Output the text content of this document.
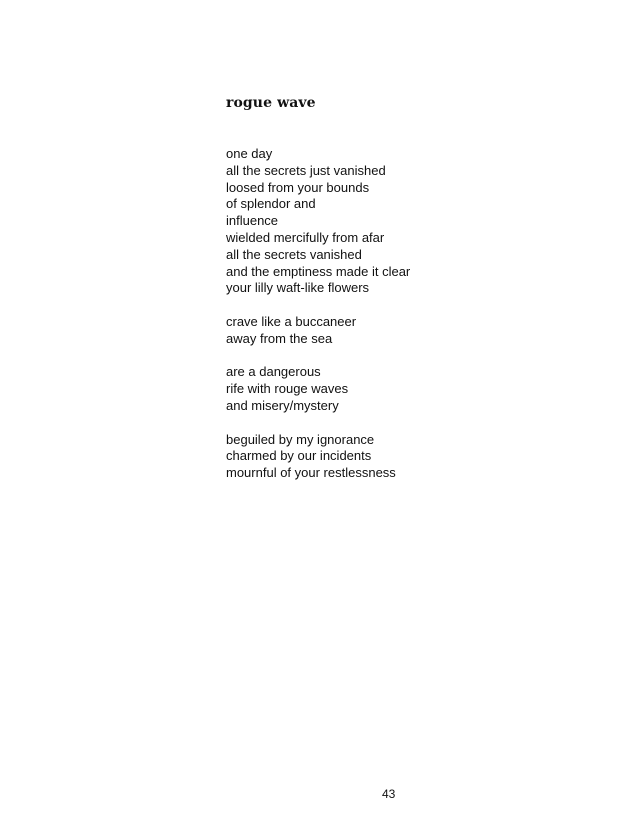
rogue wave
one day
all the secrets just vanished
loosed from your bounds
of splendor and
influence
wielded mercifully from afar
all the secrets vanished
and the emptiness made it clear
your lilly waft-like flowers
crave like a buccaneer
away from the sea
are a dangerous
rife with rouge waves
and misery/mystery
beguiled by my ignorance
charmed by our incidents
mournful of your restlessness
43
